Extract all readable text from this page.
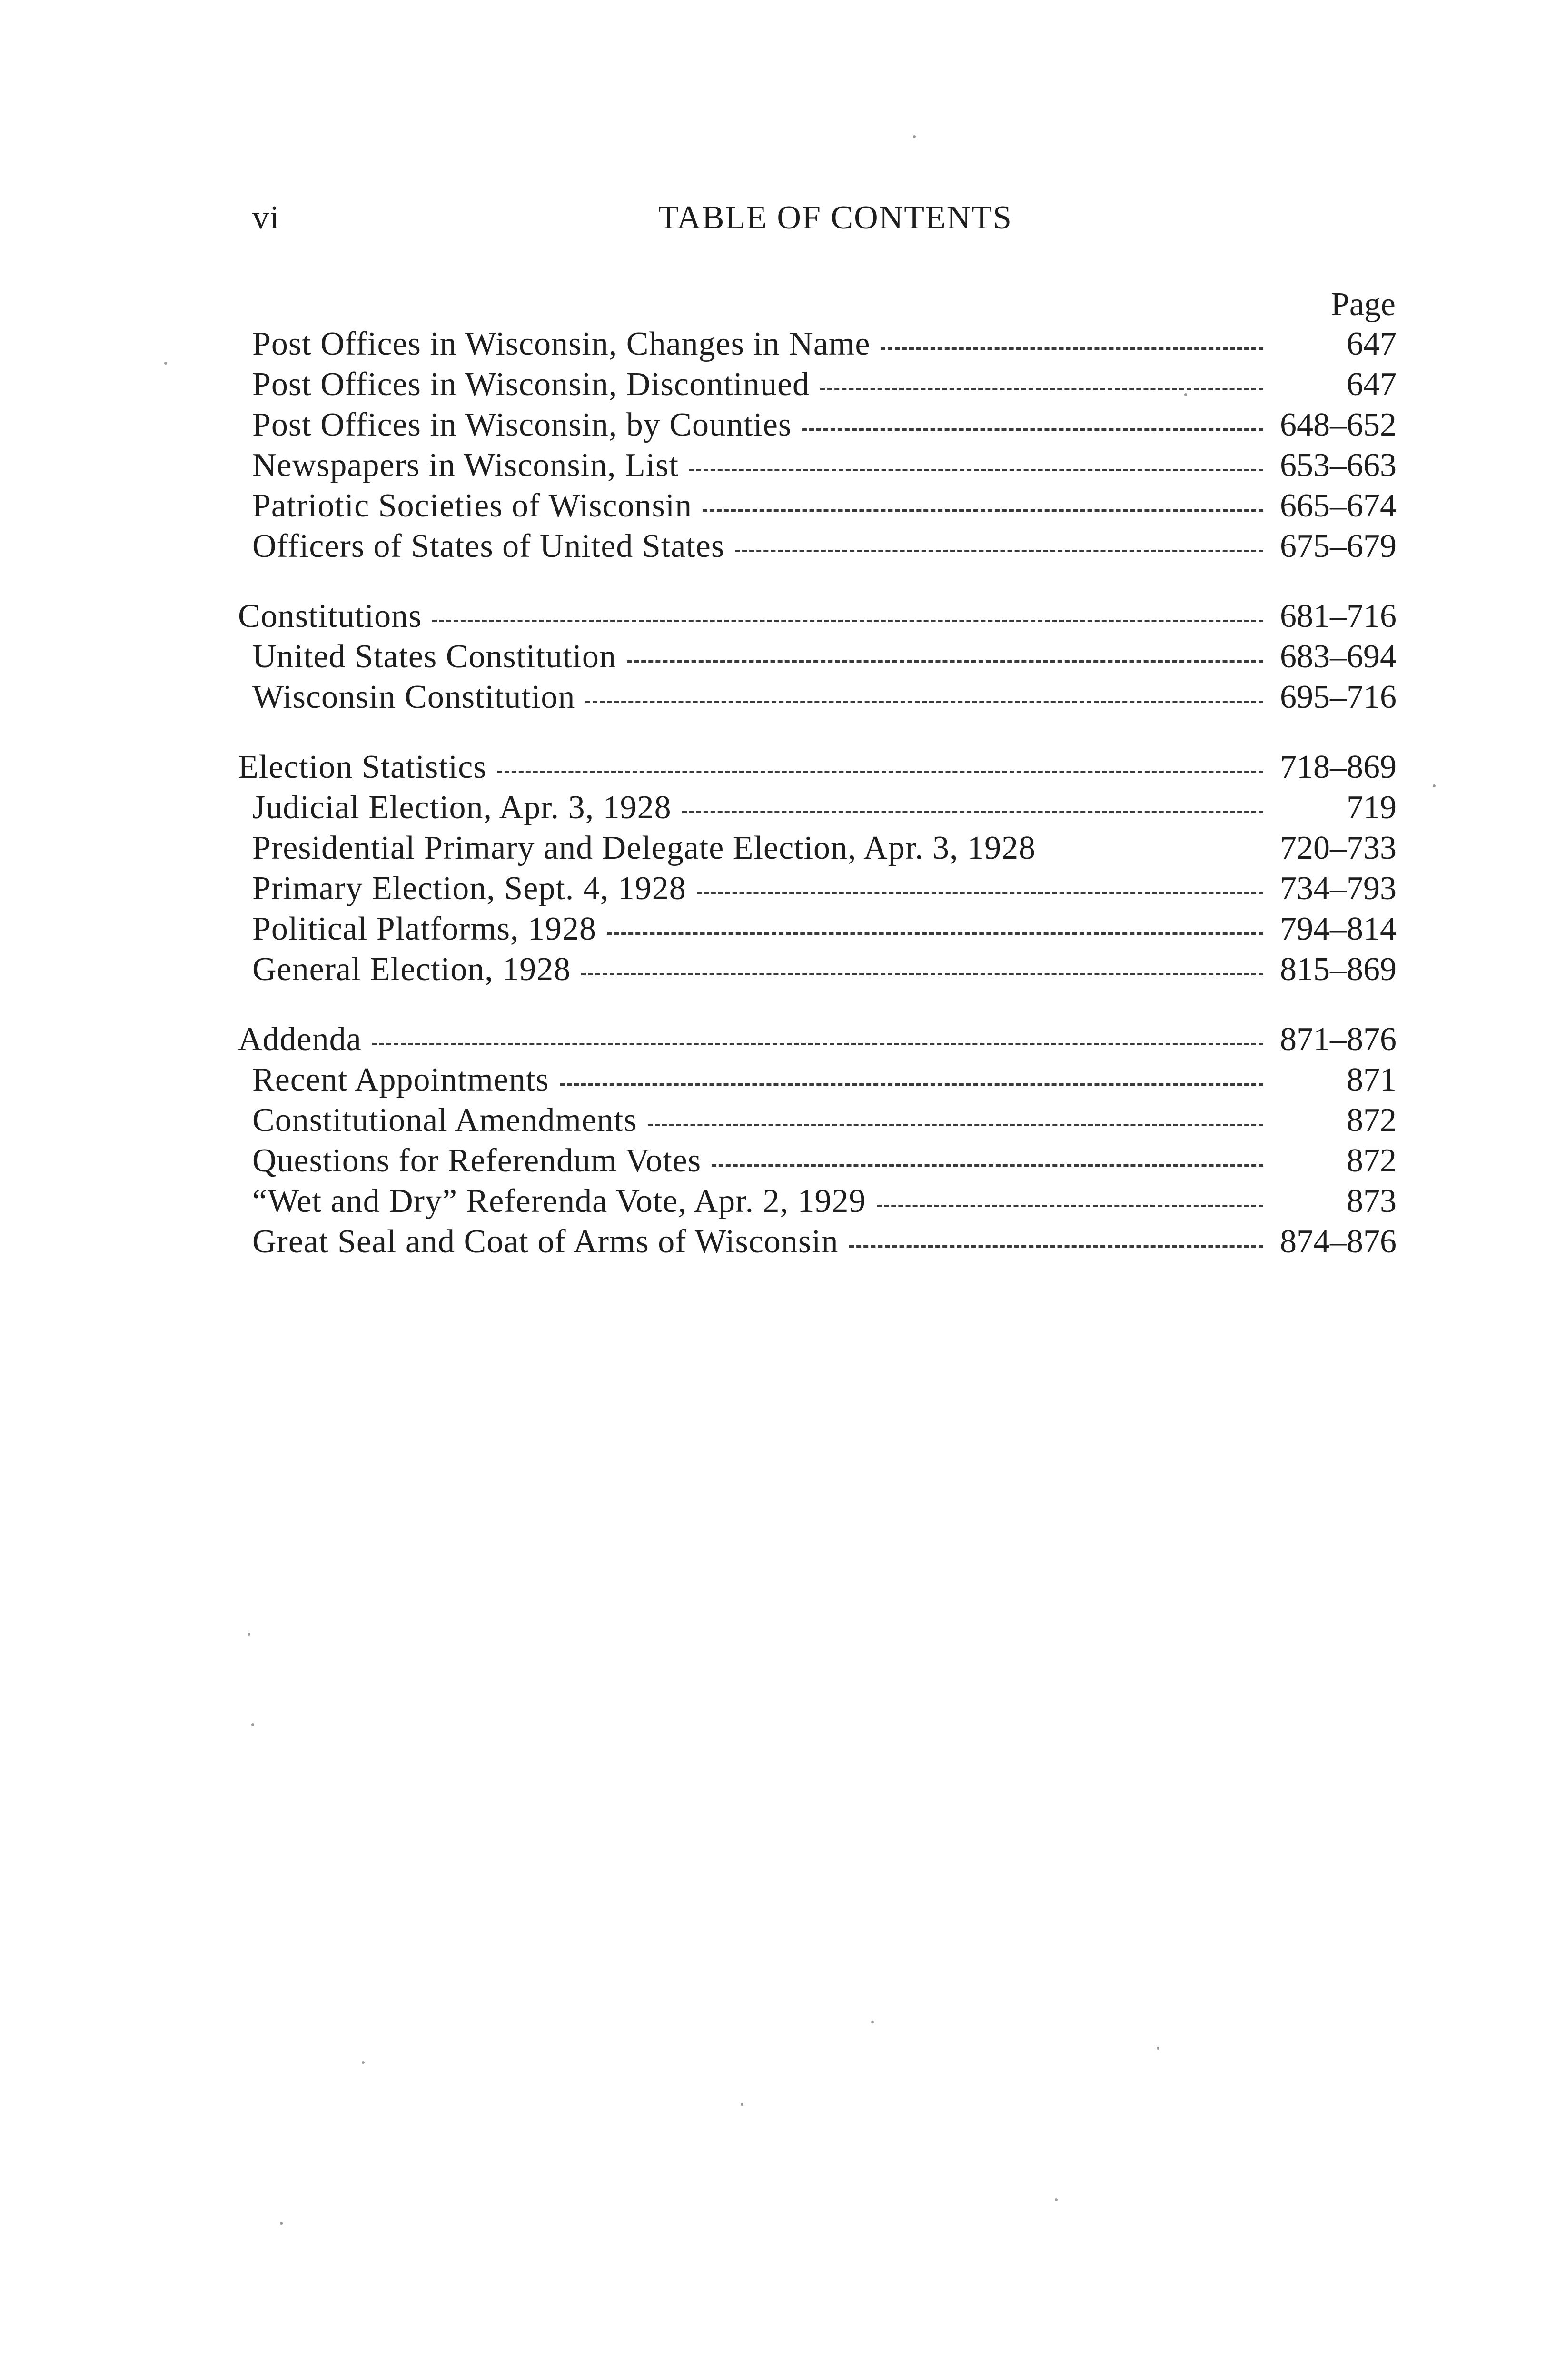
vi	TABLE OF CONTENTS
Page
Post Offices in Wisconsin, Changes in Name	647
Post Offices in Wisconsin, Discontinued	647
Post Offices in Wisconsin, by Counties	648–652
Newspapers in Wisconsin, List	653–663
Patriotic Societies of Wisconsin	665–674
Officers of States of United States	675–679
Constitutions	681–716
United States Constitution	683–694
Wisconsin Constitution	695–716
Election Statistics	718–869
Judicial Election, Apr. 3, 1928	719
Presidential Primary and Delegate Election, Apr. 3, 1928	720–733
Primary Election, Sept. 4, 1928	734–793
Political Platforms, 1928	794–814
General Election, 1928	815–869
Addenda	871–876
Recent Appointments	871
Constitutional Amendments	872
Questions for Referendum Votes	872
“Wet and Dry” Referenda Vote, Apr. 2, 1929	873
Great Seal and Coat of Arms of Wisconsin	874–876
